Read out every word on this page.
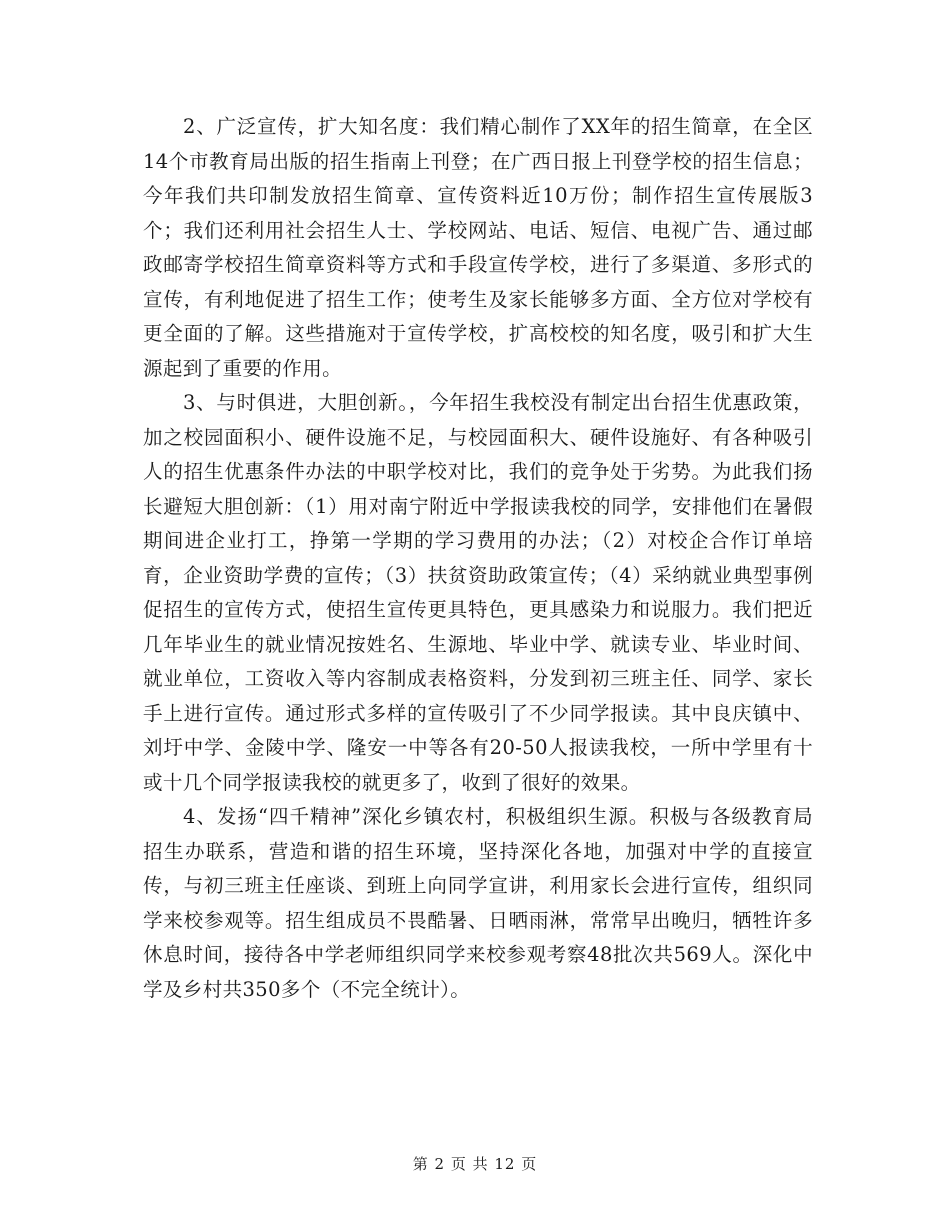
2、广泛宣传，扩大知名度：我们精心制作了XX年的招生简章，在全区14个市教育局出版的招生指南上刊登；在广西日报上刊登学校的招生信息；今年我们共印制发放招生简章、宣传资料近10万份；制作招生宣传展版3个；我们还利用社会招生人士、学校网站、电话、短信、电视广告、通过邮政邮寄学校招生简章资料等方式和手段宣传学校，进行了多渠道、多形式的宣传，有利地促进了招生工作；使考生及家长能够多方面、全方位对学校有更全面的了解。这些措施对于宣传学校，扩高校校的知名度，吸引和扩大生源起到了重要的作用。

3、与时俱进，大胆创新。，今年招生我校没有制定出台招生优惠政策，加之校园面积小、硬件设施不足，与校园面积大、硬件设施好、有各种吸引人的招生优惠条件办法的中职学校对比，我们的竞争处于劣势。为此我们扬长避短大胆创新：（1）用对南宁附近中学报读我校的同学，安排他们在暑假期间进企业打工，挣第一学期的学习费用的办法；（2）对校企合作订单培育，企业资助学费的宣传；（3）扶贫资助政策宣传；（4）采纳就业典型事例促招生的宣传方式，使招生宣传更具特色，更具感染力和说服力。我们把近几年毕业生的就业情况按姓名、生源地、毕业中学、就读专业、毕业时间、就业单位，工资收入等内容制成表格资料，分发到初三班主任、同学、家长手上进行宣传。通过形式多样的宣传吸引了不少同学报读。其中良庆镇中、刘圩中学、金陵中学、隆安一中等各有20-50人报读我校，一所中学里有十或十几个同学报读我校的就更多了，收到了很好的效果。

4、发扬“四千精神”深化乡镇农村，积极组织生源。积极与各级教育局招生办联系，营造和谐的招生环境，坚持深化各地，加强对中学的直接宣传，与初三班主任座谈、到班上向同学宣讲，利用家长会进行宣传，组织同学来校参观等。招生组成员不畏酷暑、日晒雨淋，常常早出晚归，牺牲许多休息时间，接待各中学老师组织同学来校参观考察48批次共569人。深化中学及乡村共350多个（不完全统计）。

第 2 页 共 12 页
